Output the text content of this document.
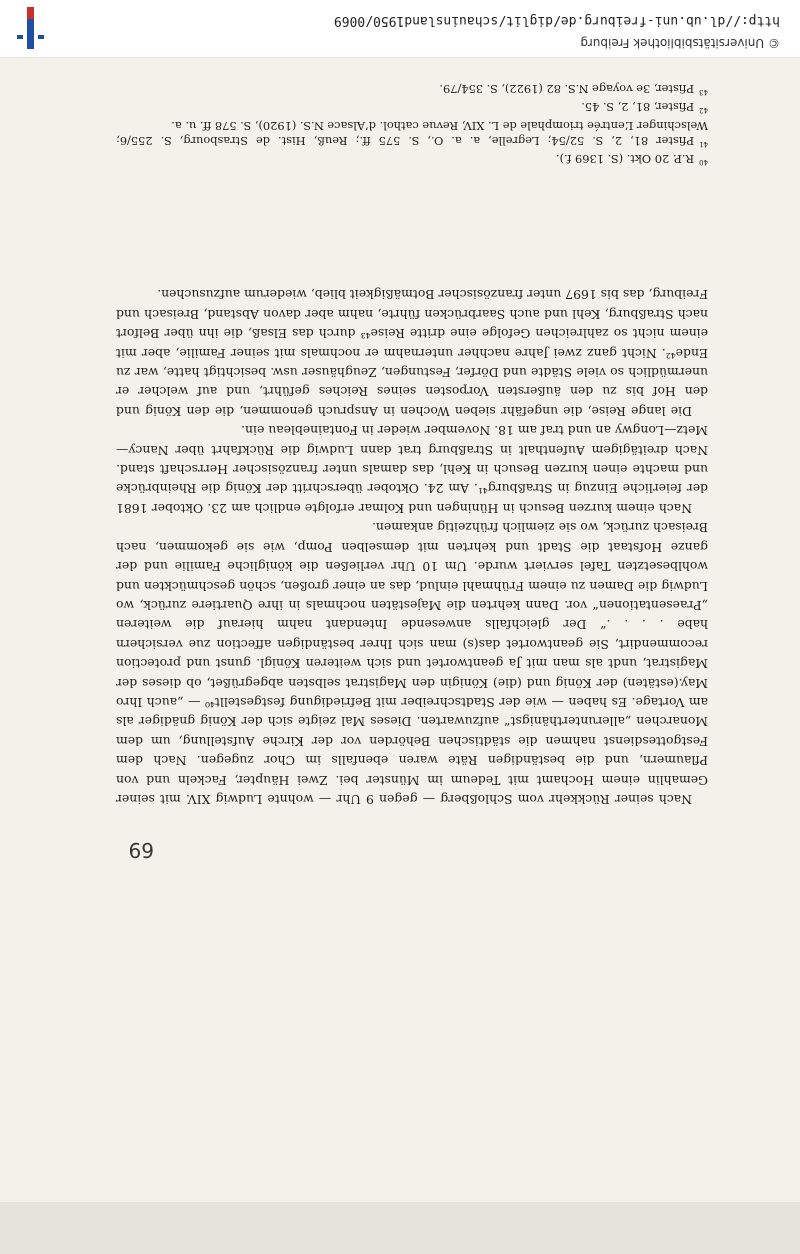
69

Nach seiner Rückkehr vom Schloßberg — gegen 9 Uhr — wohnte Ludwig XIV. mit seiner Gemahlin einem Hochamt mit Tedeum im Münster bei. Zwei Häupter, Fackeln und von Pflaumern, und die beständigen Räte waren ebenfalls im Chor zugegen. Nach dem Festgottesdienst nahmen die städtischen Behörden vor der Kirche Aufstellung, um dem Monarchen „allerunterthänigst“ aufzuwarten. Dieses Mal zeigte sich der König gnädiger als am Vortage. Es haben — wie der Stadtschreiber mit Befriedigung festgestellt⁴⁰ — „auch Ihro May.(estäten) der König und (die) Königin den Magistrat selbsten abgegrüßet, ob dieses der Magistrat, undt als man mit Ja geantwortet und sich weiteren Königl. gunst und protection recommendirt, Sie geantwortet das(s) man sich Ihrer beständigen affection zue versichern habe . . . .“ Der gleichfalls anwesende Intendant nahm hierauf die weiteren „Praesentationen“ vor. Dann kehrten die Majestäten nochmals in ihre Quartiere zurück, wo Ludwig die Damen zu einem Frühmahl einlud, das an einer großen, schön geschmückten und wohlbesetzten Tafel serviert wurde. Um 10 Uhr verließen die königliche Familie und der ganze Hofstaat die Stadt und kehrten mit demselben Pomp, wie sie gekommen, nach Breisach zurück, wo sie ziemlich frühzeitig ankamen.

Nach einem kurzen Besuch in Hüningen und Kolmar erfolgte endlich am 23. Oktober 1681 der feierliche Einzug in Straßburg⁴¹. Am 24. Oktober überschritt der König die Rheinbrücke und machte einen kurzen Besuch in Kehl, das damals unter französischer Herrschaft stand. Nach dreitägigem Aufenthalt in Straßburg trat dann Ludwig die Rückfahrt über Nancy—Metz—Longwy an und traf am 18. November wieder in Fontainebleau ein.

Die lange Reise, die ungefähr sieben Wochen in Anspruch genommen, die den König und den Hof bis zu den äußersten Vorposten seines Reiches geführt, und auf welcher er unermüdlich so viele Städte und Dörfer, Festungen, Zeughäuser usw. besichtigt hatte, war zu Ende⁴². Nicht ganz zwei Jahre nachher unternahm er nochmals mit seiner Familie, aber mit einem nicht so zahlreichen Gefolge eine dritte Reise⁴³ durch das Elsaß, die ihn über Belfort nach Straßburg, Kehl und auch Saarbrücken führte, nahm aber davon Abstand, Breisach und Freiburg, das bis 1697 unter französischer Botmäßigkeit blieb, wiederum aufzusuchen.

$^{40}$R.P. 20 Okt. (S. 1369 f.).

$^{41}$Pfister 81, 2, S. 52/54; Legrelle, a. a. O., S. 575 ff.; Reuß, Hist. de Strasbourg, S. 255/6; Welschinger L’entrée triomphale de L. XIV, Revue cathol. d’Alsace N.S. (1920), S. 578 ff. u. a.

$^{42}$Pfister, 81, 2, S. 45.

$^{43}$Pfister, 3e voyage N.S. 82 (1922), S. 354/79.

© Universitätsbibliothek Freiburg
http://dl.ub.uni-freiburg.de/diglit/schauinsland1950/0069
